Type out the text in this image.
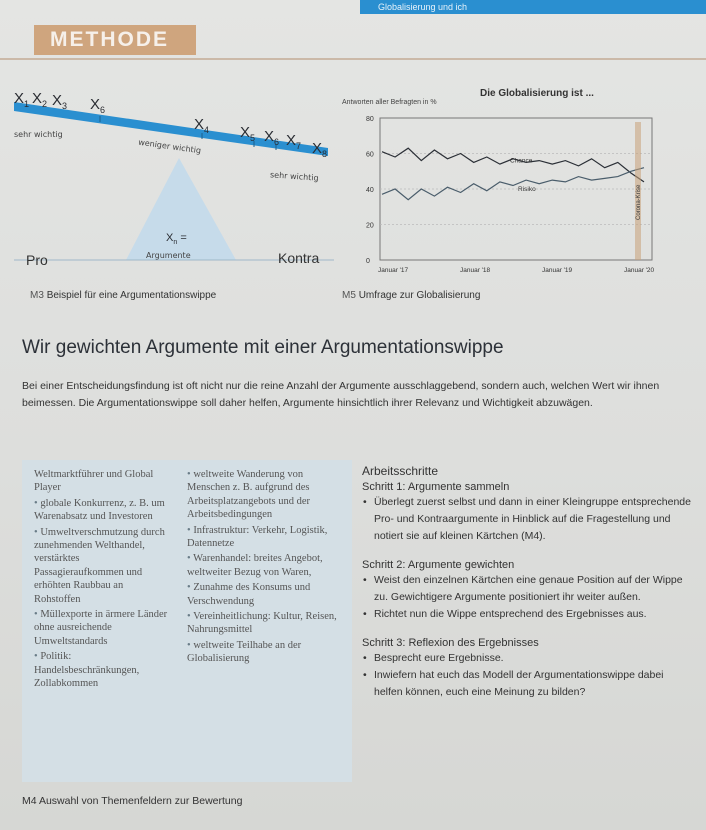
Globalisierung und ich
METHODE
$X_1$ $X_2$ $X_3$ $X_6$
$X_4$ $X_5$ $X_6$ $X_7$ $X_8$
sehr wichtig
weniger wichtig
sehr wichtig
$X_n$ =
Argumente
Pro	Kontra
M3 Beispiel für eine Argumentationswippe
Die Globalisierung ist ...
Antworten aller Befragten in %
0
20
40
60
80
Januar '17	Januar '18	Januar '19	Januar '20
Chance
Risiko	Corona-Krise
M5 Umfrage zur Globalisierung
Wir gewichten Argumente mit einer Argumentationswippe

Bei einer Entscheidungsfindung ist oft nicht nur die reine Anzahl der Argumente ausschlaggebend, sondern auch, welchen Wert wir ihnen beimessen. Die Argumentationswippe soll daher helfen, Argumente hinsichtlich ihrer Relevanz und Wichtigkeit abzuwägen.

Weltmarktführer und Global Player
• globale Konkurrenz, z. B. um Warenabsatz und Investoren
• Umweltverschmutzung durch zunehmenden Welthandel, verstärktes Passagieraufkommen und erhöhten Raubbau an Rohstoffen
• Müllexporte in ärmere Länder ohne ausreichende Umweltstandards
• Politik: Handelsbeschränkungen, Zollabkommen
• weltweite Wanderung von Menschen z. B. aufgrund des Arbeitsplatzangebots und der Arbeitsbedingungen
• Infrastruktur: Verkehr, Logistik, Datennetze
• Warenhandel: breites Angebot, weltweiter Bezug von Waren,
• Zunahme des Konsums und Verschwendung
• Vereinheitlichung: Kultur, Reisen, Nahrungsmittel
• weltweite Teilhabe an der Globalisierung
M4 Auswahl von Themenfeldern zur Bewertung
Arbeitsschritte
Schritt 1: Argumente sammeln
• Überlegt zuerst selbst und dann in einer Kleingruppe entsprechende Pro- und Kontraargumente in Hinblick auf die Fragestellung und notiert sie auf kleinen Kärtchen (M4).
Schritt 2: Argumente gewichten
• Weist den einzelnen Kärtchen eine genaue Position auf der Wippe zu. Gewichtigere Argumente positioniert ihr weiter außen.
• Richtet nun die Wippe entsprechend des Ergebnisses aus.
Schritt 3: Reflexion des Ergebnisses
• Besprecht eure Ergebnisse.
• Inwiefern hat euch das Modell der Argumentationswippe dabei helfen können, euch eine Meinung zu bilden?
